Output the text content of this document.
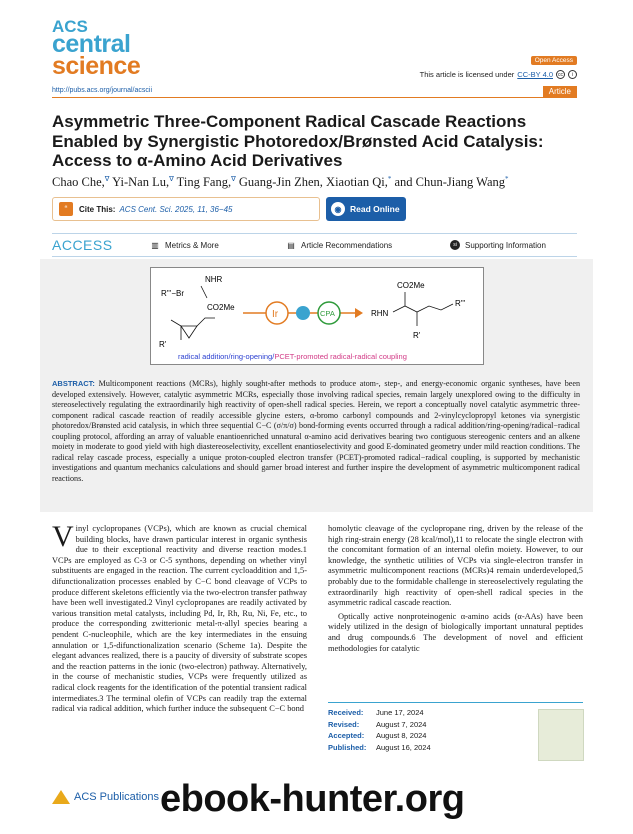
ACS
central
science	Open Access
This article is licensed under CC-BY 4.0	cc	i
http://pubs.acs.org/journal/acscii	Article
Asymmetric Three-Component Radical Cascade Reactions Enabled by Synergistic Photoredox/Brønsted Acid Catalysis: Access to α-Amino Acid Derivatives
Chao Che,∇ Yi-Nan Lu,∇ Ting Fang,∇ Guang-Jin Zhen, Xiaotian Qi,* and Chun-Jiang Wang*
“	Cite This: ACS Cent. Sci. 2025, 11, 36−45	◉	Read Online
ACCESS	▥ Metrics & More	▤ Article Recommendations	si	Supporting Information
R'''−Br
NHR
CO2Me
R'
Ir	CPA
CO2Me
RHN
R'''
R'
radical addition/ring-opening/PCET-promoted radical-radical coupling
ABSTRACT: Multicomponent reactions (MCRs), highly sought-after methods to produce atom-, step-, and energy-economic organic syntheses, have been developed extensively. However, catalytic asymmetric MCRs, especially those involving radical species, remain largely unexplored owing to the difficulty in stereoselectively regulating the extraordinarily high reactivity of open-shell radical species. Herein, we report a conceptually novel catalytic asymmetric three-component radical cascade reaction of readily accessible glycine esters, α-bromo carbonyl compounds and 2-vinylcyclopropyl ketones via synergistic photoredox/Brønsted acid catalysis, in which three sequential C−C (σ/π/σ) bond-forming events occurred through a radical addition/ring-opening/radical−radical coupling protocol, affording an array of valuable enantioenriched unnatural α-amino acid derivatives bearing two contiguous stereogenic centers and an alkene moiety in moderate to good yield with high diastereoselectivity, excellent enantioselectivity and good E-dominated geometry under mild reaction conditions. The radical relay cascade process, especially a unique proton-coupled electron transfer (PCET)-promoted radical−radical coupling, is supported by mechanistic investigations and quantum mechanics calculations and should garner broad interest and further inspire the development of asymmetric multicomponent radical reactions.

Vinyl cyclopropanes (VCPs), which are known as crucial chemical building blocks, have drawn particular interest in organic synthesis due to their exceptional reactivity and diverse reaction modes.1 VCPs are employed as C-3 or C-5 synthons, depending on whether vinyl substituents are engaged in the reaction. The current cycloaddition and 1,5-difunctionalization processes enabled by C−C bond cleavage of VCPs to produce different skeletons efficiently via the two-electron transfer pathway have been well investigated.2 Vinyl cyclopropanes are readily activated by various transition metal catalysts, including Pd, Ir, Rh, Ru, Ni, Fe, etc., to produce the corresponding zwitterionic metal-π-allyl species bearing a pendent C-nucleophile, which are the key intermediates in the ensuing annulation or 1,5-difunctionalization scenario (Scheme 1a). Despite the elegant advances realized, there is a paucity of diversity of substrate scopes and the reaction patterns in the ionic (two-electron) pathway. Alternatively, in the course of mechanistic studies, VCPs were frequently utilized as radical clock reagents for the identification of the potential transient radical intermediates.3 The terminal olefin of VCPs can readily trap the external radical via radical addition, which further induce the subsequent C−C bond

homolytic cleavage of the cyclopropane ring, driven by the release of the high ring-strain energy (28 kcal/mol),11 to relocate the single electron with the concomitant formation of an internal olefin moiety. However, to our knowledge, the synthetic utilities of VCPs via single-electron transfer in asymmetric multicomponent reactions (MCRs)4 remain underdeveloped,5 probably due to the formidable challenge in stereoselectively regulating the extraordinarily high reactivity of open-shell radical species in the asymmetric radical cascade reaction.

Optically active nonproteinogenic α-amino acids (α-AAs) have been widely utilized in the design of biologically important unnatural peptides and drug compounds.6 The development of novel and efficient methodologies for catalytic

Received: June 17, 2024
Revised: August 7, 2024
Accepted: August 8, 2024
Published: August 16, 2024
ACS Publications ebook-hunter.org
